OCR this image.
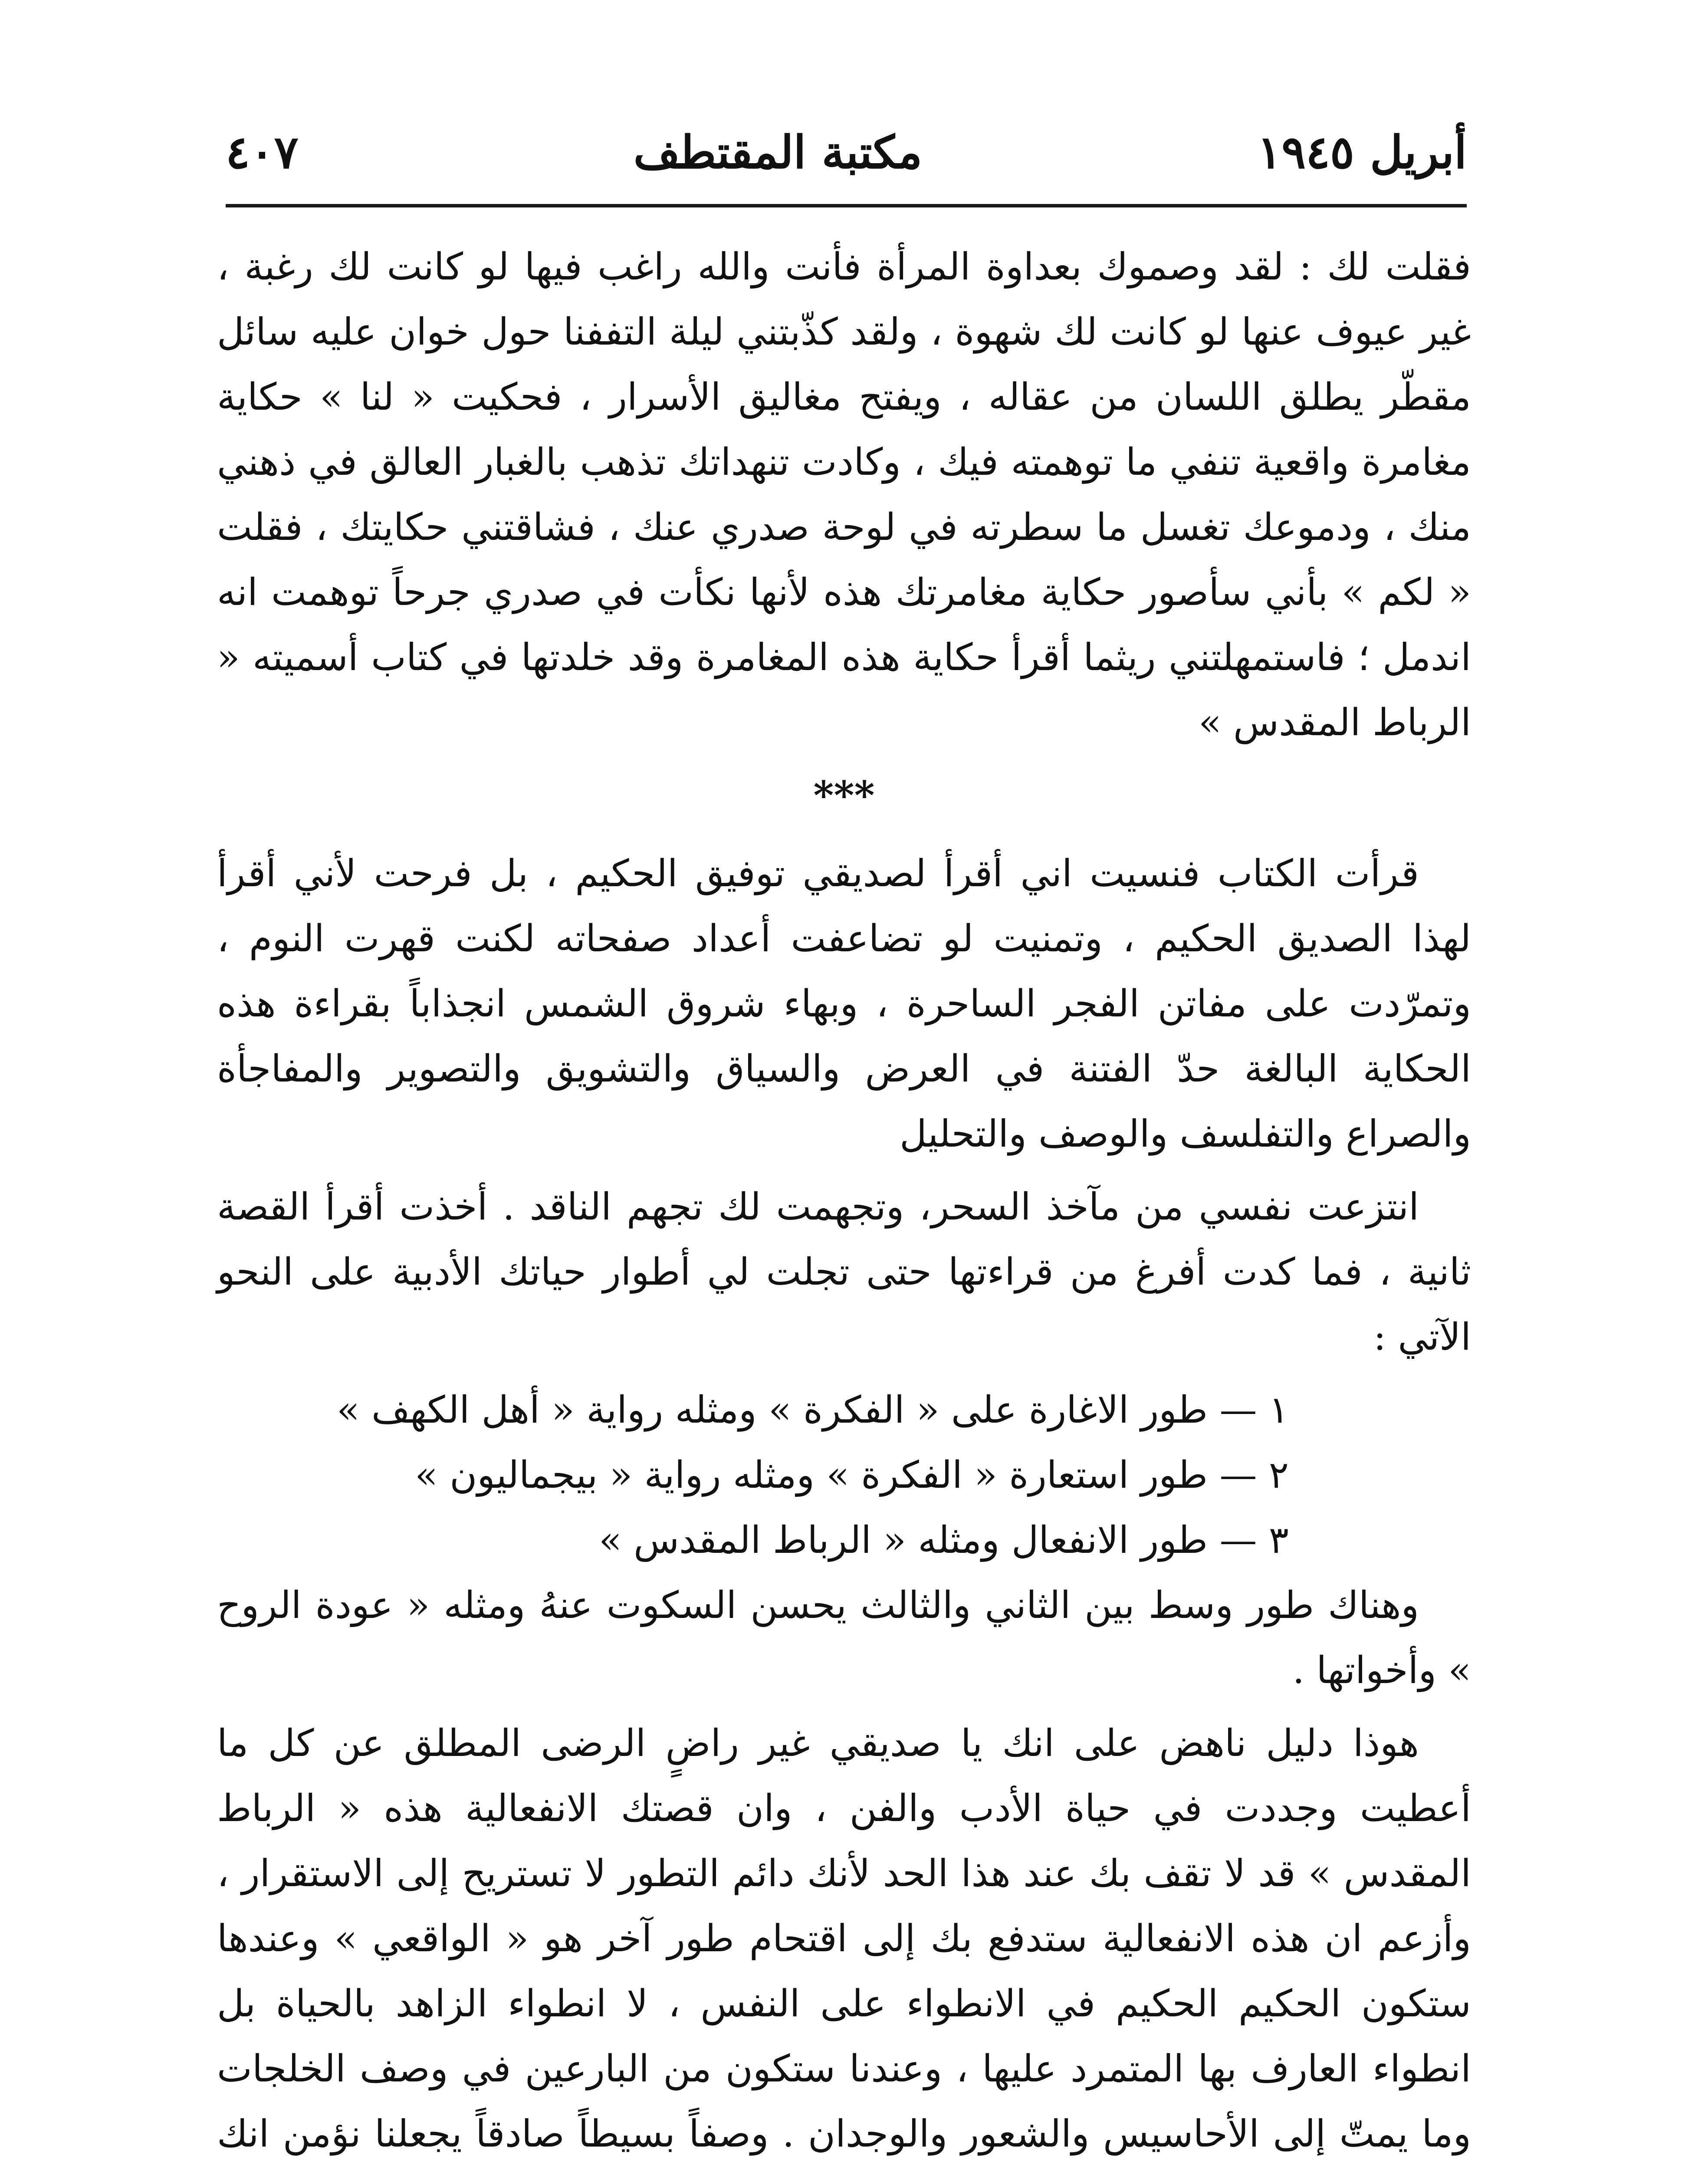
أبريل ١٩٤٥
مكتبة المقتطف
٤٠٧

فقلت لك : لقد وصموك بعداوة المرأة فأنت والله راغب فيها لو كانت لك رغبة ، غير عيوف عنها لو كانت لك شهوة ، ولقد كذّبتني ليلة التففنا حول خوان عليه سائل مقطّر يطلق اللسان من عقاله ، ويفتح مغاليق الأسرار ، فحكيت « لنا » حكاية مغامرة واقعية تنفي ما توهمته فيك ، وكادت تنهداتك تذهب بالغبار العالق في ذهني منك ، ودموعك تغسل ما سطرته في لوحة صدري عنك ، فشاقتني حكايتك ، فقلت « لكم » بأني سأصور حكاية مغامرتك هذه لأنها نكأت في صدري جرحاً توهمت انه اندمل ؛ فاستمهلتني ريثما أقرأ حكاية هذه المغامرة وقد خلدتها في كتاب أسميته « الرباط المقدس »

***

قرأت الكتاب فنسيت اني أقرأ لصديقي توفيق الحكيم ، بل فرحت لأني أقرأ لهذا الصديق الحكيم ، وتمنيت لو تضاعفت أعداد صفحاته لكنت قهرت النوم ، وتمرّدت على مفاتن الفجر الساحرة ، وبهاء شروق الشمس انجذاباً بقراءة هذه الحكاية البالغة حدّ الفتنة في العرض والسياق والتشويق والتصوير والمفاجأة والصراع والتفلسف والوصف والتحليل

انتزعت نفسي من مآخذ السحر، وتجهمت لك تجهم الناقد . أخذت أقرأ القصة ثانية ، فما كدت أفرغ من قراءتها حتى تجلت لي أطوار حياتك الأدبية على النحو الآتي :

١ — طور الاغارة على « الفكرة » ومثله رواية « أهل الكهف »
٢ — طور استعارة « الفكرة » ومثله رواية « بيجماليون »
٣ — طور الانفعال ومثله « الرباط المقدس »

وهناك طور وسط بين الثاني والثالث يحسن السكوت عنهُ ومثله « عودة الروح » وأخواتها .

هوذا دليل ناهض على انك يا صديقي غير راضٍ الرضى المطلق عن كل ما أعطيت وجددت في حياة الأدب والفن ، وان قصتك الانفعالية هذه « الرباط المقدس » قد لا تقف بك عند هذا الحد لأنك دائم التطور لا تستريح إلى الاستقرار ، وأزعم ان هذه الانفعالية ستدفع بك إلى اقتحام طور آخر هو « الواقعي » وعندها ستكون الحكيم الحكيم في الانطواء على النفس ، لا انطواء الزاهد بالحياة بل انطواء العارف بها المتمرد عليها ، وعندنا ستكون من البارعين في وصف الخلجات وما يمتّ إلى الأحاسيس والشعور والوجدان . وصفاً بسيطاً صادقاً يجعلنا نؤمن انك
